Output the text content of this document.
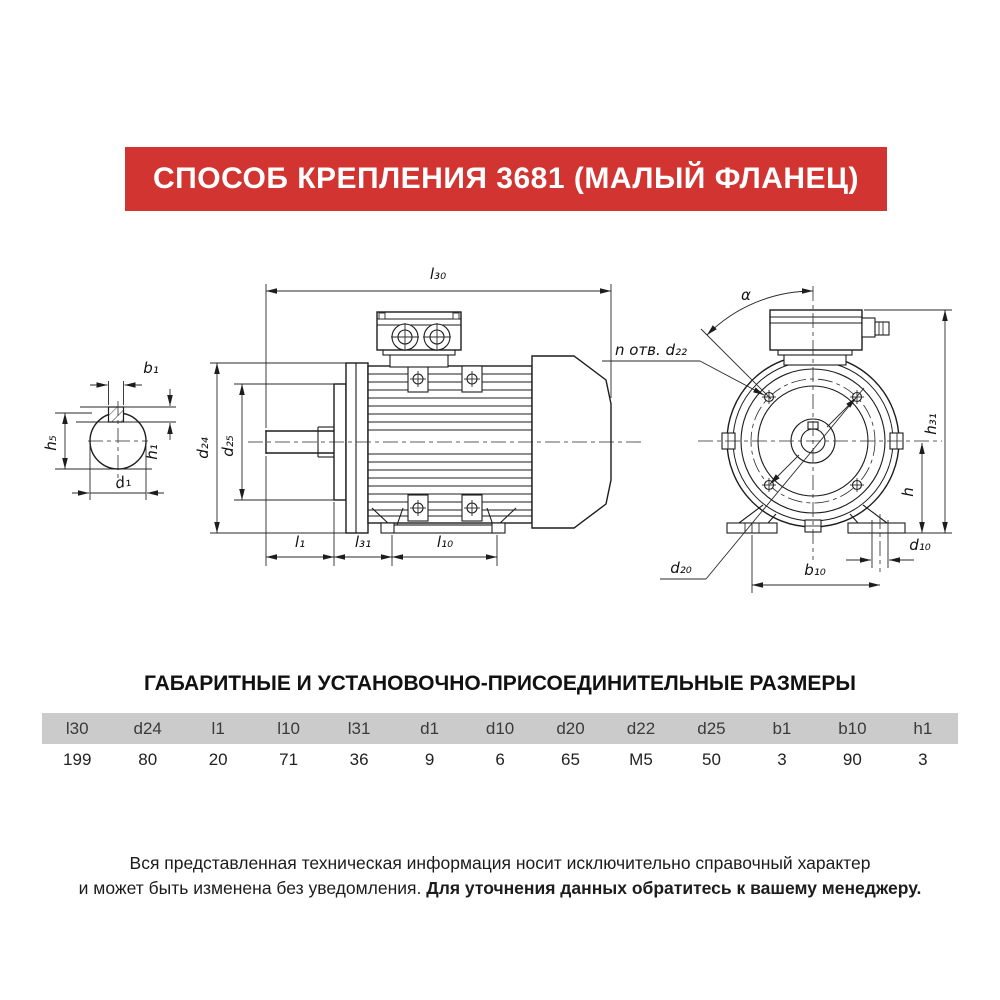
СПОСОБ КРЕПЛЕНИЯ 3681 (МАЛЫЙ ФЛАНЕЦ)
b₁
h₅
h₁
d₁
l₃₀
d₂₄ d₂₅
l₁	l₃₁	l₁₀
α
n отв. d₂₂
d₂₀
h
h₃₁
d₁₀
b₁₀
ГАБАРИТНЫЕ И УСТАНОВОЧНО-ПРИСОЕДИНИТЕЛЬНЫЕ РАЗМЕРЫ
l30	d24	l1	l10	l31	d1	d10	d20	d22	d25	b1	b10	h1
199	80	20	71	36	9	6	65	M5	50	3	90	3
Вся представленная техническая информация носит исключительно справочный характер
и может быть изменена без уведомления. Для уточнения данных обратитесь к вашему менеджеру.
